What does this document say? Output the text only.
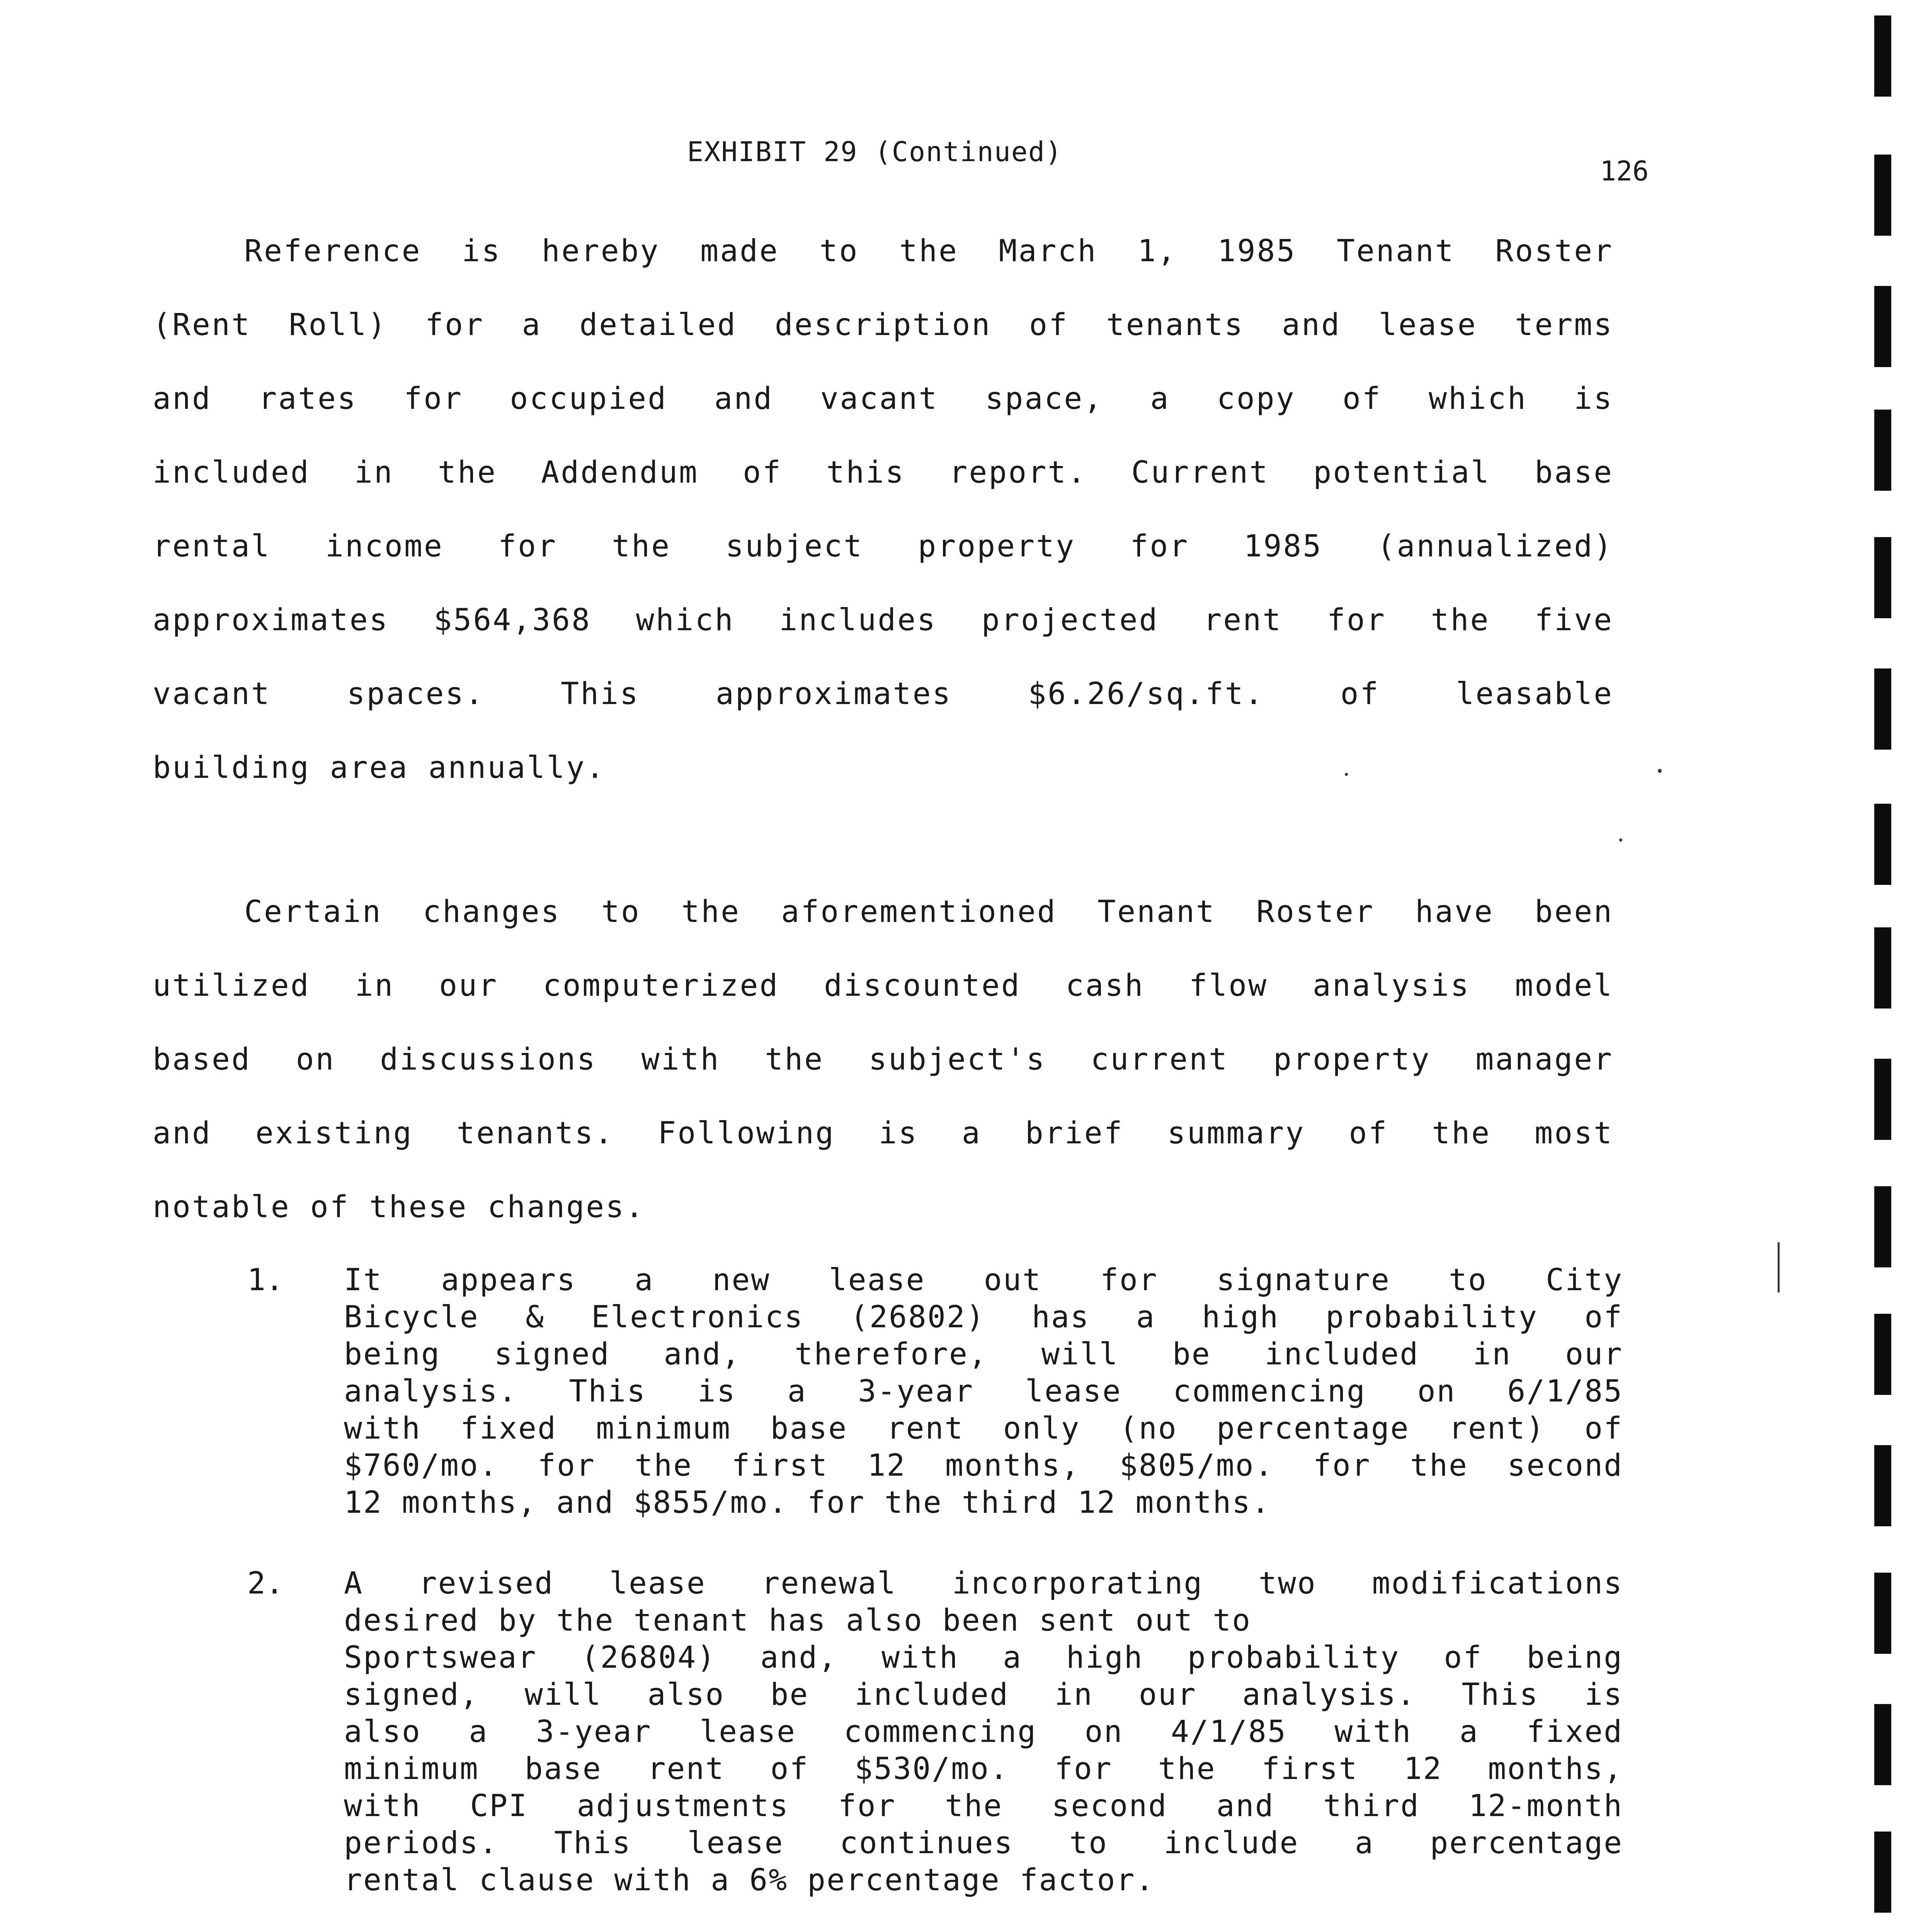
EXHIBIT 29 (Continued)
126
Reference is hereby made to the March 1, 1985 Tenant Roster
(Rent Roll) for a detailed description of tenants and lease terms
and rates for occupied and vacant space, a copy of which is
included in the Addendum of this report. Current potential base
rental income for the subject property for 1985 (annualized)
approximates $564,368 which includes projected rent for the five
vacant spaces. This approximates $6.26/sq.ft. of leasable
building area annually.
Certain changes to the aforementioned Tenant Roster have been
utilized in our computerized discounted cash flow analysis model
based on discussions with the subject's current property manager
and existing tenants. Following is a brief summary of the most
notable of these changes.
1. It appears a new lease out for signature to City
Bicycle & Electronics (26802) has a high probability of
being signed and, therefore, will be included in our
analysis. This is a 3-year lease commencing on 6/1/85
with fixed minimum base rent only (no percentage rent) of
$760/mo. for the first 12 months, $805/mo. for the second
12 months, and $855/mo. for the third 12 months.
2. A revised lease renewal incorporating two modifications
desired by the tenant has also been sent out to
Sportswear (26804) and, with a high probability of being
signed, will also be included in our analysis. This is
also a 3-year lease commencing on 4/1/85 with a fixed
minimum base rent of $530/mo. for the first 12 months,
with CPI adjustments for the second and third 12-month
periods. This lease continues to include a percentage
rental clause with a 6% percentage factor.
